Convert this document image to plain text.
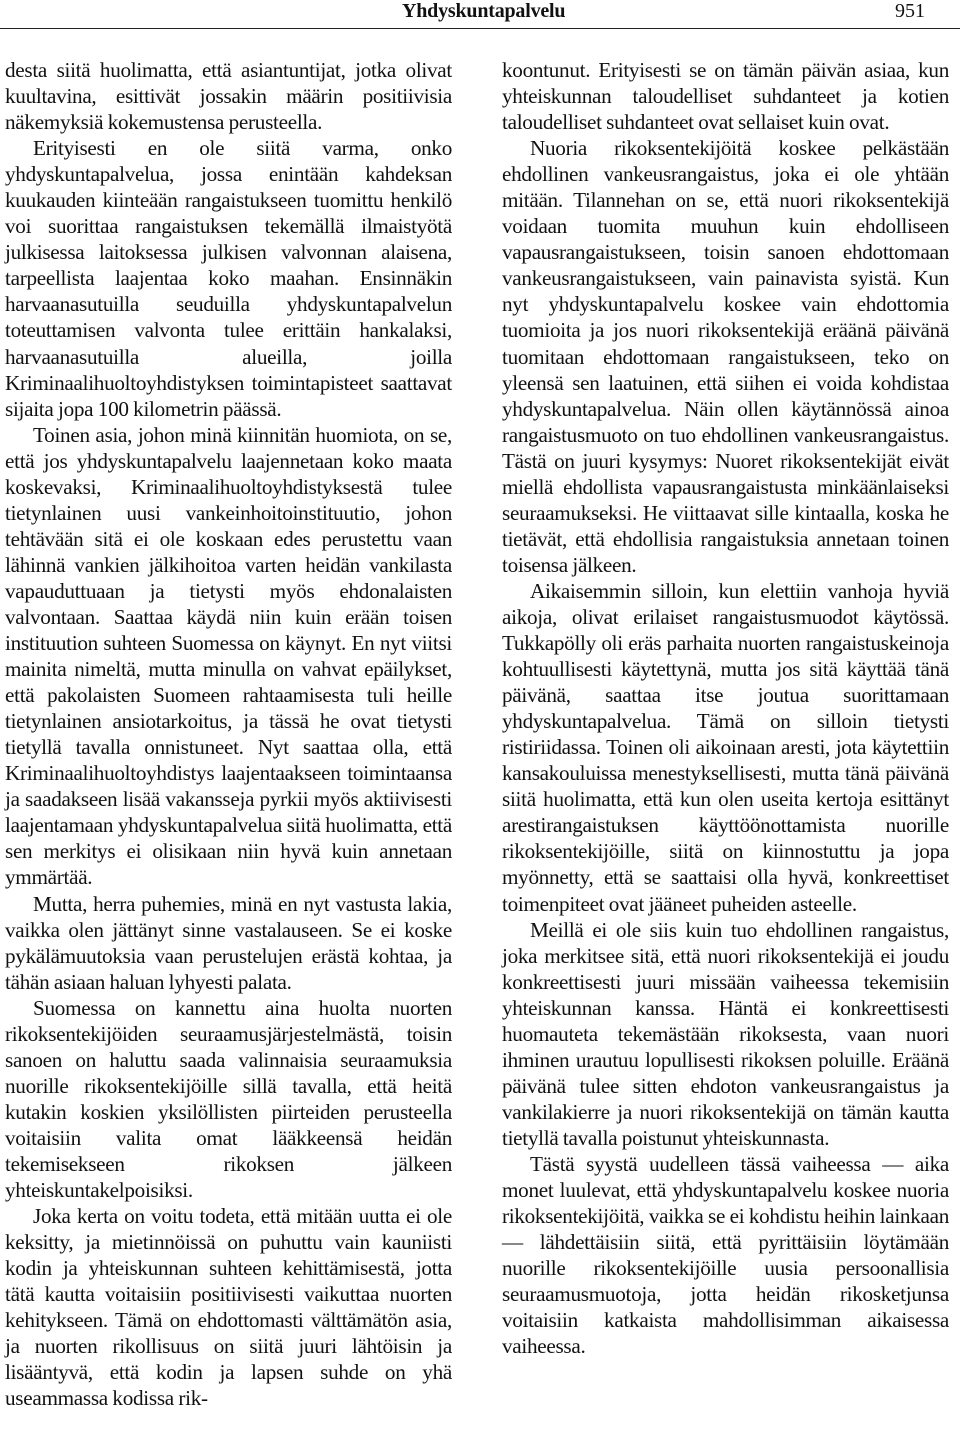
Yhdyskuntapalvelu	951

desta siitä huolimatta, että asiantuntijat, jotka olivat kuultavina, esittivät jossakin määrin positiivisia näkemyksiä kokemustensa perusteella.

Erityisesti en ole siitä varma, onko yhdyskuntapalvelua, jossa enintään kahdeksan kuukauden kiinteään rangaistukseen tuomittu henkilö voi suorittaa rangaistuksen tekemällä ilmaistyötä julkisessa laitoksessa julkisen valvonnan alaisena, tarpeellista laajentaa koko maahan. Ensinnäkin harvaanasutuilla seuduilla yhdyskuntapalvelun toteuttamisen valvonta tulee erittäin hankalaksi, harvaanasutuilla alueilla, joilla Kriminaalihuoltoyhdistyksen toimintapisteet saattavat sijaita jopa 100 kilometrin päässä.

Toinen asia, johon minä kiinnitän huomiota, on se, että jos yhdyskuntapalvelu laajennetaan koko maata koskevaksi, Kriminaalihuoltoyhdistyksestä tulee tietynlainen uusi vankeinhoitoinstituutio, johon tehtävään sitä ei ole koskaan edes perustettu vaan lähinnä vankien jälkihoitoa varten heidän vankilasta vapauduttuaan ja tietysti myös ehdonalaisten valvontaan. Saattaa käydä niin kuin erään toisen instituution suhteen Suomessa on käynyt. En nyt viitsi mainita nimeltä, mutta minulla on vahvat epäilykset, että pakolaisten Suomeen rahtaamisesta tuli heille tietynlainen ansiotarkoitus, ja tässä he ovat tietysti tietyllä tavalla onnistuneet. Nyt saattaa olla, että Kriminaalihuoltoyhdistys laajentaakseen toimintaansa ja saadakseen lisää vakansseja pyrkii myös aktiivisesti laajentamaan yhdyskuntapalvelua siitä huolimatta, että sen merkitys ei olisikaan niin hyvä kuin annetaan ymmärtää.

Mutta, herra puhemies, minä en nyt vastusta lakia, vaikka olen jättänyt sinne vastalauseen. Se ei koske pykälämuutoksia vaan perustelujen erästä kohtaa, ja tähän asiaan haluan lyhyesti palata.

Suomessa on kannettu aina huolta nuorten rikoksentekijöiden seuraamusjärjestelmästä, toisin sanoen on haluttu saada valinnaisia seuraamuksia nuorille rikoksentekijöille sillä tavalla, että heitä kutakin koskien yksilöllisten piirteiden perusteella voitaisiin valita omat lääkkeensä heidän tekemisekseen rikoksen jälkeen yhteiskuntakelpoisiksi.

Joka kerta on voitu todeta, että mitään uutta ei ole keksitty, ja mietinnöissä on puhuttu vain kauniisti kodin ja yhteiskunnan suhteen kehittämisestä, jotta tätä kautta voitaisiin positiivisesti vaikuttaa nuorten kehitykseen. Tämä on ehdottomasti välttämätön asia, ja nuorten rikollisuus on siitä juuri lähtöisin ja lisääntyvä, että kodin ja lapsen suhde on yhä useammassa kodissa rik-

koontunut. Erityisesti se on tämän päivän asiaa, kun yhteiskunnan taloudelliset suhdanteet ja kotien taloudelliset suhdanteet ovat sellaiset kuin ovat.

Nuoria rikoksentekijöitä koskee pelkästään ehdollinen vankeusrangaistus, joka ei ole yhtään mitään. Tilannehan on se, että nuori rikoksentekijä voidaan tuomita muuhun kuin ehdolliseen vapausrangaistukseen, toisin sanoen ehdottomaan vankeusrangaistukseen, vain painavista syistä. Kun nyt yhdyskuntapalvelu koskee vain ehdottomia tuomioita ja jos nuori rikoksentekijä eräänä päivänä tuomitaan ehdottomaan rangaistukseen, teko on yleensä sen laatuinen, että siihen ei voida kohdistaa yhdyskuntapalvelua. Näin ollen käytännössä ainoa rangaistusmuoto on tuo ehdollinen vankeusrangaistus. Tästä on juuri kysymys: Nuoret rikoksentekijät eivät miellä ehdollista vapausrangaistusta minkäänlaiseksi seuraamukseksi. He viittaavat sille kintaalla, koska he tietävät, että ehdollisia rangaistuksia annetaan toinen toisensa jälkeen.

Aikaisemmin silloin, kun elettiin vanhoja hyviä aikoja, olivat erilaiset rangaistusmuodot käytössä. Tukkapölly oli eräs parhaita nuorten rangaistuskeinoja kohtuullisesti käytettynä, mutta jos sitä käyttää tänä päivänä, saattaa itse joutua suorittamaan yhdyskuntapalvelua. Tämä on silloin tietysti ristiriidassa. Toinen oli aikoinaan aresti, jota käytettiin kansakouluissa menestyksellisesti, mutta tänä päivänä siitä huolimatta, että kun olen useita kertoja esittänyt arestirangaistuksen käyttöönottamista nuorille rikoksentekijöille, siitä on kiinnostuttu ja jopa myönnetty, että se saattaisi olla hyvä, konkreettiset toimenpiteet ovat jääneet puheiden asteelle.

Meillä ei ole siis kuin tuo ehdollinen rangaistus, joka merkitsee sitä, että nuori rikoksentekijä ei joudu konkreettisesti juuri missään vaiheessa tekemisiin yhteiskunnan kanssa. Häntä ei konkreettisesti huomauteta tekemästään rikoksesta, vaan nuori ihminen urautuu lopullisesti rikoksen poluille. Eräänä päivänä tulee sitten ehdoton vankeusrangaistus ja vankilakierre ja nuori rikoksentekijä on tämän kautta tietyllä tavalla poistunut yhteiskunnasta.

Tästä syystä uudelleen tässä vaiheessa — aika monet luulevat, että yhdyskuntapalvelu koskee nuoria rikoksentekijöitä, vaikka se ei kohdistu heihin lainkaan — lähdettäisiin siitä, että pyrittäisiin löytämään nuorille rikoksentekijöille uusia persoonallisia seuraamusmuotoja, jotta heidän rikosketjunsa voitaisiin katkaista mahdollisimman aikaisessa vaiheessa.
